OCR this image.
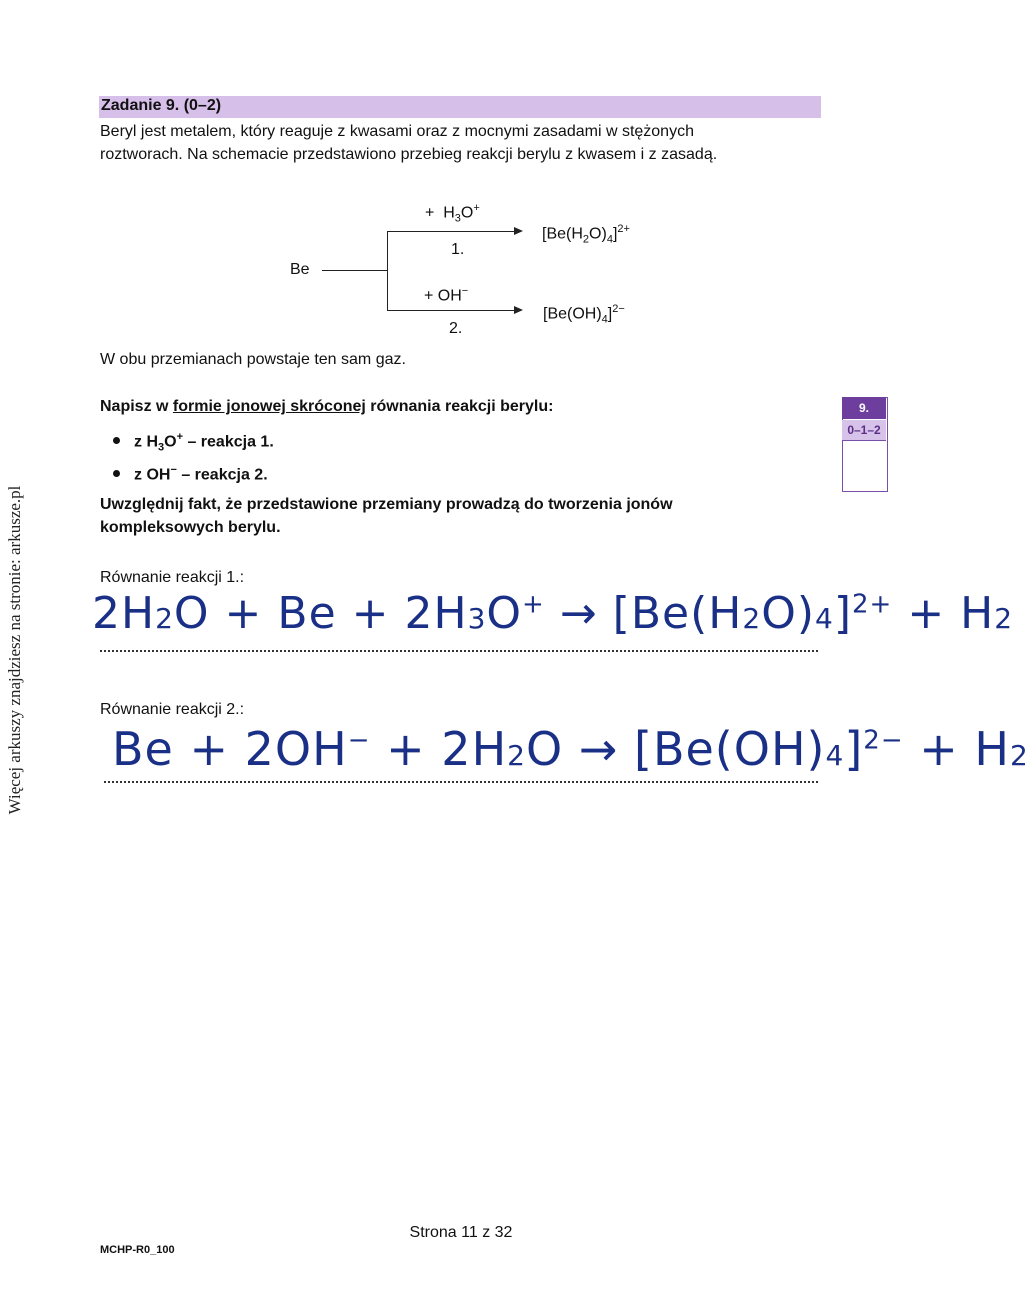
Więcej arkuszy znajdziesz na stronie: arkusze.pl
Zadanie 9. (0–2)
Beryl jest metalem, który reaguje z kwasami oraz z mocnymi zasadami w stężonych
roztworach. Na schemacie przedstawiono przebieg reakcji berylu z kwasem i z zasadą.
Be
+  $H_3O^+$
1.
$[Be(H_2O)_4]^{2+}$
+ OH−
2.
$[Be(OH)_4]^{2-}$
W obu przemianach powstaje ten sam gaz.
Napisz w formie jonowej skróconej równania reakcji berylu:
z $H_3O^+$ – reakcja 1.
z OH− – reakcja 2.
Uwzględnij fakt, że przedstawione przemiany prowadzą do tworzenia jonów
kompleksowych berylu.
9.
0–1–2
Równanie reakcji 1.:
$2H2O + Be + 2H3O^+ \to [Be(H2O)4]^{2+} + H2$
Równanie reakcji 2.:
$Be + 2OH^- + 2H2O \to [Be(OH)4]^{2-} + H2$
Strona 11 z 32
MCHP-R0_100
